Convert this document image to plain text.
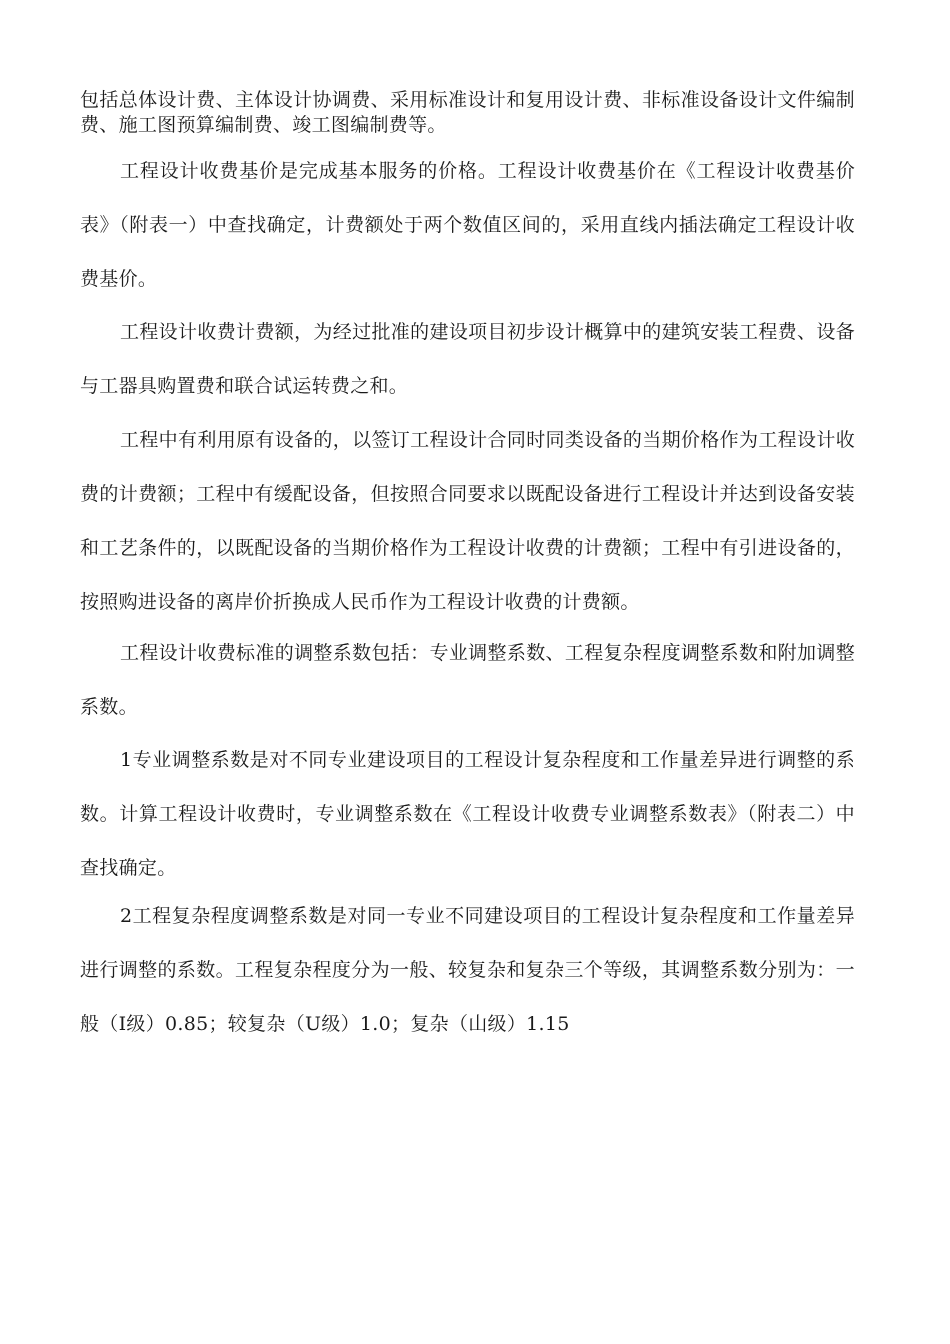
包括总体设计费、主体设计协调费、采用标准设计和复用设计费、非标准设备设计文件编制费、施工图预算编制费、竣工图编制费等。

工程设计收费基价是完成基本服务的价格。工程设计收费基价在《工程设计收费基价表》（附表一）中查找确定，计费额处于两个数值区间的，采用直线内插法确定工程设计收费基价。

工程设计收费计费额，为经过批准的建设项目初步设计概算中的建筑安装工程费、设备与工器具购置费和联合试运转费之和。

工程中有利用原有设备的，以签订工程设计合同时同类设备的当期价格作为工程设计收费的计费额；工程中有缓配设备，但按照合同要求以既配设备进行工程设计并达到设备安装和工艺条件的，以既配设备的当期价格作为工程设计收费的计费额；工程中有引进设备的，按照购进设备的离岸价折换成人民币作为工程设计收费的计费额。

工程设计收费标准的调整系数包括：专业调整系数、工程复杂程度调整系数和附加调整系数。

1专业调整系数是对不同专业建设项目的工程设计复杂程度和工作量差异进行调整的系数。计算工程设计收费时，专业调整系数在《工程设计收费专业调整系数表》（附表二）中查找确定。

2工程复杂程度调整系数是对同一专业不同建设项目的工程设计复杂程度和工作量差异进行调整的系数。工程复杂程度分为一般、较复杂和复杂三个等级，其调整系数分别为：一般（I级）0.85；较复杂（U级）1.0；复杂（山级）1.15
